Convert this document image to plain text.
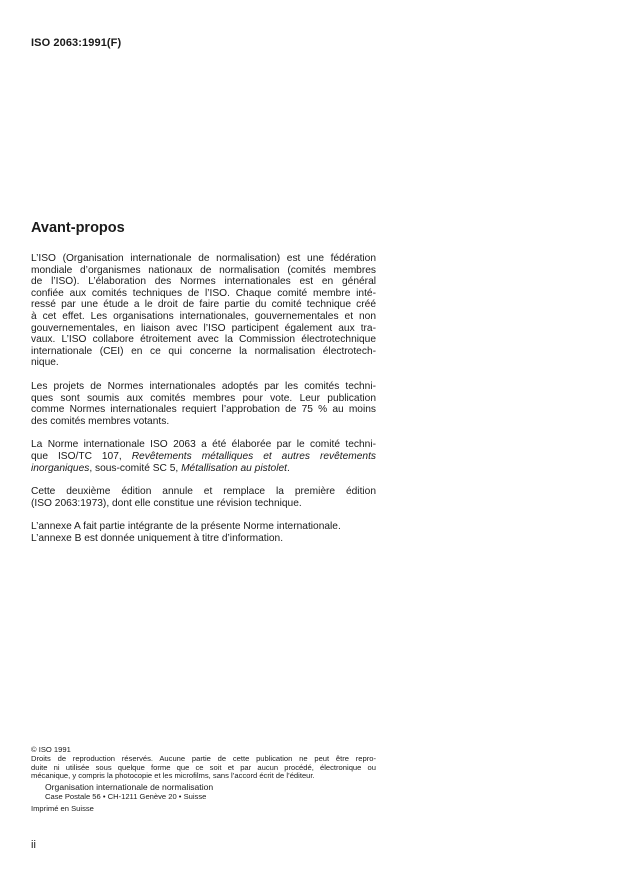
ISO 2063:1991(F)
Avant-propos

L’ISO (Organisation internationale de normalisation) est une fédération
mondiale d’organismes nationaux de normalisation (comités membres
de l’ISO). L’élaboration des Normes internationales est en général
confiée aux comités techniques de l’ISO. Chaque comité membre inté-
ressé par une étude a le droit de faire partie du comité technique créé
à cet effet. Les organisations internationales, gouvernementales et non
gouvernementales, en liaison avec l’ISO participent également aux tra-
vaux. L’ISO collabore étroitement avec la Commission électrotechnique
internationale (CEI) en ce qui concerne la normalisation électrotech-
nique.

Les projets de Normes internationales adoptés par les comités techni-
ques sont soumis aux comités membres pour vote. Leur publication
comme Normes internationales requiert l’approbation de 75 % au moins
des comités membres votants.

La Norme internationale ISO 2063 a été élaborée par le comité techni-
que ISO/TC 107, Revêtements métalliques et autres revêtements
inorganiques, sous-comité SC 5, Métallisation au pistolet.

Cette deuxième édition annule et remplace la première édition
(ISO 2063:1973), dont elle constitue une révision technique.

L’annexe A fait partie intégrante de la présente Norme internationale.
L’annexe B est donnée uniquement à titre d’information.

© ISO 1991
Droits de reproduction réservés. Aucune partie de cette publication ne peut être repro-
duite ni utilisée sous quelque forme que ce soit et par aucun procédé, électronique ou
mécanique, y compris la photocopie et les microfilms, sans l’accord écrit de l’éditeur.
Organisation internationale de normalisation
Case Postale 56 • CH-1211 Genève 20 • Suisse
Imprimé en Suisse
ii
